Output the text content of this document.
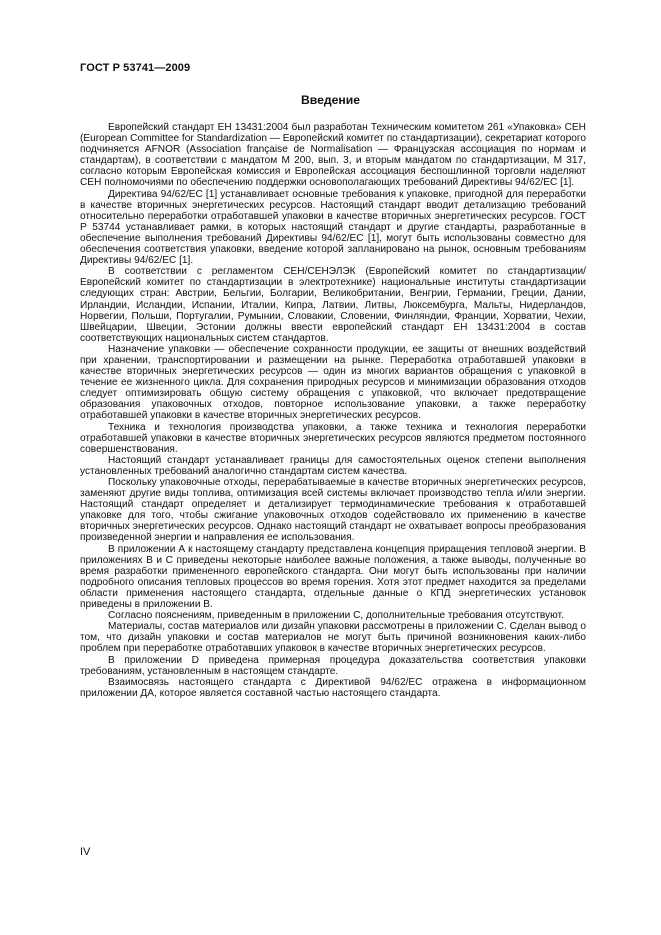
ГОСТ Р 53741—2009
Введение

Европейский стандарт ЕН 13431:2004 был разработан Техническим комитетом 261 «Упаковка» СЕН (European Committee for Standardization — Европейский комитет по стандартизации), секретариат которого подчиняется AFNOR (Association française de Normalisation — Французская ассоциация по нормам и стандартам), в соответствии с мандатом М 200, вып. 3, и вторым мандатом по стандартизации, М 317, согласно которым Европейская комиссия и Европейская ассоциация беспошлинной торговли наделяют СЕН полномочиями по обеспечению поддержки основополагающих требований Директивы 94/62/ЕС [1].

Директива 94/62/ЕС [1] устанавливает основные требования к упаковке, пригодной для переработки в качестве вторичных энергетических ресурсов. Настоящий стандарт вводит детализацию требований относительно переработки отработавшей упаковки в качестве вторичных энергетических ресурсов. ГОСТ Р 53744 устанавливает рамки, в которых настоящий стандарт и другие стандарты, разработанные в обеспечение выполнения требований Директивы 94/62/ЕС [1], могут быть использованы совместно для обеспечения соответствия упаковки, введение которой запланировано на рынок, основным требованиям Директивы 94/62/ЕС [1].

В соответствии с регламентом СЕН/СЕНЭЛЭК (Европейский комитет по стандартизации/Европейский комитет по стандартизации в электротехнике) национальные институты стандартизации следующих стран: Австрии, Бельгии, Болгарии, Великобритании, Венгрии, Германии, Греции, Дании, Ирландии, Исландии, Испании, Италии, Кипра, Латвии, Литвы, Люксембурга, Мальты, Нидерландов, Норвегии, Польши, Португалии, Румынии, Словакии, Словении, Финляндии, Франции, Хорватии, Чехии, Швейцарии, Швеции, Эстонии должны ввести европейский стандарт ЕН 13431:2004 в состав соответствующих национальных систем стандартов.

Назначение упаковки — обеспечение сохранности продукции, ее защиты от внешних воздействий при хранении, транспортировании и размещении на рынке. Переработка отработавшей упаковки в качестве вторичных энергетических ресурсов — один из многих вариантов обращения с упаковкой в течение ее жизненного цикла. Для сохранения природных ресурсов и минимизации образования отходов следует оптимизировать общую систему обращения с упаковкой, что включает предотвращение образования упаковочных отходов, повторное использование упаковки, а также переработку отработавшей упаковки в качестве вторичных энергетических ресурсов.

Техника и технология производства упаковки, а также техника и технология переработки отработавшей упаковки в качестве вторичных энергетических ресурсов являются предметом постоянного совершенствования.

Настоящий стандарт устанавливает границы для самостоятельных оценок степени выполнения установленных требований аналогично стандартам систем качества.

Поскольку упаковочные отходы, перерабатываемые в качестве вторичных энергетических ресурсов, заменяют другие виды топлива, оптимизация всей системы включает производство тепла и/или энергии. Настоящий стандарт определяет и детализирует термодинамические требования к отработавшей упаковке для того, чтобы сжигание упаковочных отходов содействовало их применению в качестве вторичных энергетических ресурсов. Однако настоящий стандарт не охватывает вопросы преобразования произведенной энергии и направления ее использования.

В приложении А к настоящему стандарту представлена концепция приращения тепловой энергии. В приложениях В и С приведены некоторые наиболее важные положения, а также выводы, полученные во время разработки примененного европейского стандарта. Они могут быть использованы при наличии подробного описания тепловых процессов во время горения. Хотя этот предмет находится за пределами области применения настоящего стандарта, отдельные данные о КПД энергетических установок приведены в приложении В.

Согласно пояснениям, приведенным в приложении С, дополнительные требования отсутствуют.

Материалы, состав материалов или дизайн упаковки рассмотрены в приложении С. Сделан вывод о том, что дизайн упаковки и состав материалов не могут быть причиной возникновения каких-либо проблем при переработке отработавших упаковок в качестве вторичных энергетических ресурсов.

В приложении D приведена примерная процедура доказательства соответствия упаковки требованиям, установленным в настоящем стандарте.

Взаимосвязь настоящего стандарта с Директивой 94/62/ЕС отражена в информационном приложении ДА, которое является составной частью настоящего стандарта.

IV
